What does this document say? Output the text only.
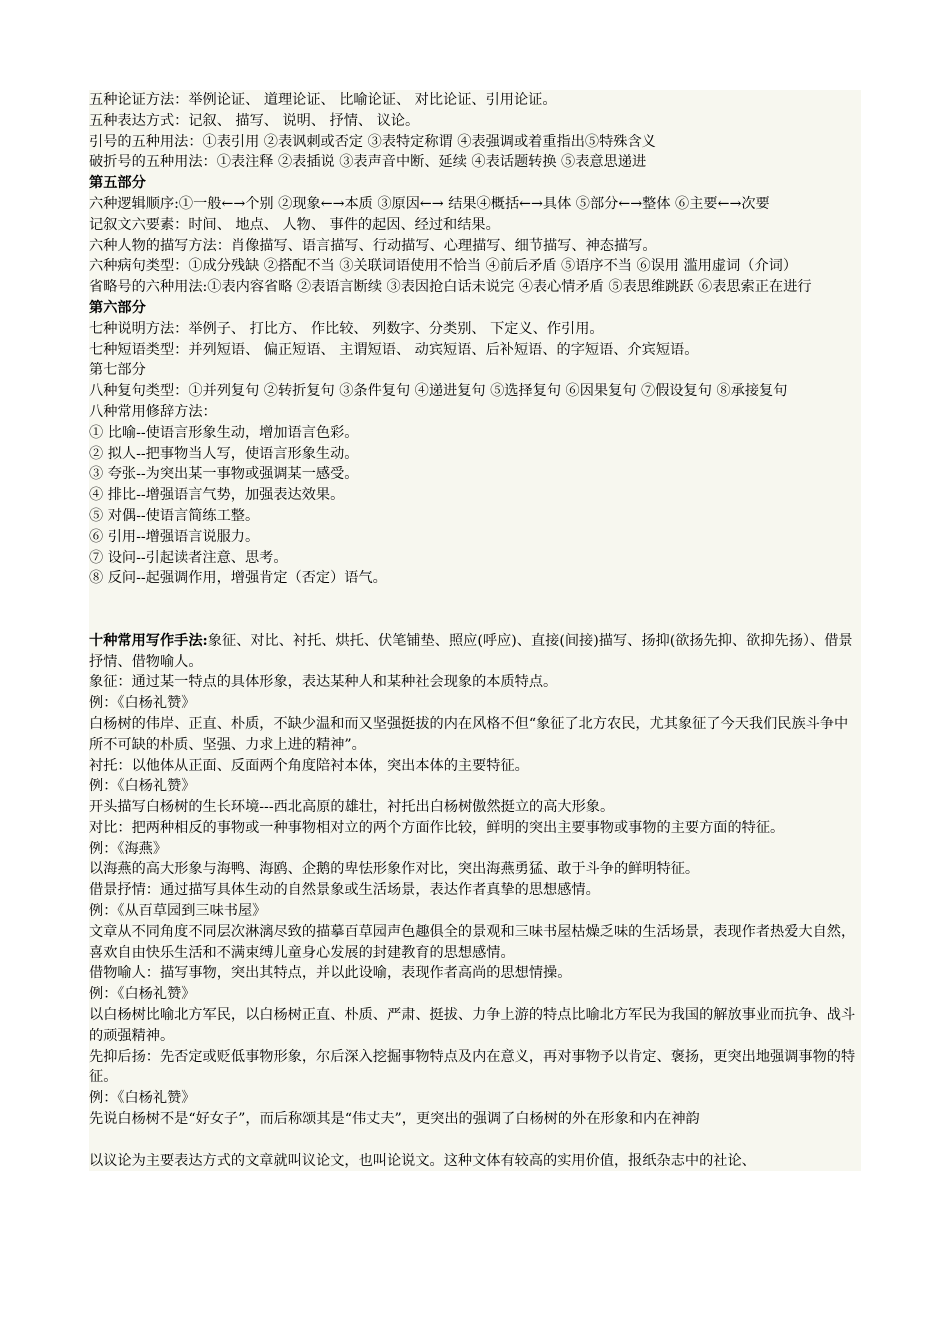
五种论证方法：举例论证、 道理论证、 比喻论证、 对比论证、引用论证。

五种表达方式：记叙、 描写、 说明、 抒情、 议论。

引号的五种用法：①表引用 ②表讽刺或否定 ③表特定称谓 ④表强调或着重指出⑤特殊含义

破折号的五种用法：①表注释 ②表插说 ③表声音中断、延续 ④表话题转换 ⑤表意思递进

第五部分

六种逻辑顺序:①一般←→个别 ②现象←→本质 ③原因←→ 结果④概括←→具体 ⑤部分←→整体 ⑥主要←→次要

记叙文六要素：时间、 地点、 人物、 事件的起因、经过和结果。

六种人物的描写方法：肖像描写、语言描写、行动描写、心理描写、细节描写、神态描写。

六种病句类型：①成分残缺 ②搭配不当 ③关联词语使用不恰当 ④前后矛盾 ⑤语序不当 ⑥误用 滥用虚词（介词）

省略号的六种用法:①表内容省略 ②表语言断续 ③表因抢白话未说完 ④表心情矛盾 ⑤表思维跳跃 ⑥表思索正在进行

第六部分

七种说明方法：举例子、 打比方、 作比较、 列数字、分类别、 下定义、作引用。

七种短语类型：并列短语、 偏正短语、 主谓短语、 动宾短语、后补短语、的字短语、介宾短语。

第七部分

八种复句类型：①并列复句 ②转折复句 ③条件复句 ④递进复句 ⑤选择复句 ⑥因果复句 ⑦假设复句 ⑧承接复句

八种常用修辞方法：

① 比喻--使语言形象生动，增加语言色彩。

② 拟人--把事物当人写，使语言形象生动。

③ 夸张--为突出某一事物或强调某一感受。

④ 排比--增强语言气势，加强表达效果。

⑤ 对偶--使语言简练工整。

⑥ 引用--增强语言说服力。

⑦ 设问--引起读者注意、思考。

⑧ 反问--起强调作用，增强肯定（否定）语气。

十种常用写作手法:象征、对比、衬托、烘托、伏笔铺垫、照应(呼应)、直接(间接)描写、扬抑(欲扬先抑、欲抑先扬）、借景抒情、借物喻人。

象征：通过某一特点的具体形象，表达某种人和某种社会现象的本质特点。

例：《白杨礼赞》

白杨树的伟岸、正直、朴质，不缺少温和而又坚强挺拔的内在风格不但“象征了北方农民，尤其象征了今天我们民族斗争中所不可缺的朴质、坚强、力求上进的精神”。

衬托：以他体从正面、反面两个角度陪衬本体，突出本体的主要特征。

例：《白杨礼赞》

开头描写白杨树的生长环境---西北高原的雄壮，衬托出白杨树傲然挺立的高大形象。

对比：把两种相反的事物或一种事物相对立的两个方面作比较，鲜明的突出主要事物或事物的主要方面的特征。

例：《海燕》

以海燕的高大形象与海鸭、海鸥、企鹅的卑怯形象作对比，突出海燕勇猛、敢于斗争的鲜明特征。

借景抒情：通过描写具体生动的自然景象或生活场景，表达作者真挚的思想感情。

例：《从百草园到三味书屋》

文章从不同角度不同层次淋漓尽致的描摹百草园声色趣俱全的景观和三味书屋枯燥乏味的生活场景，表现作者热爱大自然，喜欢自由快乐生活和不满束缚儿童身心发展的封建教育的思想感情。

借物喻人：描写事物，突出其特点，并以此设喻，表现作者高尚的思想情操。

例：《白杨礼赞》

以白杨树比喻北方军民，以白杨树正直、朴质、严肃、挺拔、力争上游的特点比喻北方军民为我国的解放事业而抗争、战斗的顽强精神。

先抑后扬：先否定或贬低事物形象，尔后深入挖掘事物特点及内在意义，再对事物予以肯定、褒扬，更突出地强调事物的特征。

例：《白杨礼赞》

先说白杨树不是“好女子”，而后称颂其是“伟丈夫”，更突出的强调了白杨树的外在形象和内在神韵

以议论为主要表达方式的文章就叫议论文，也叫论说文。这种文体有较高的实用价值，报纸杂志中的社论、
